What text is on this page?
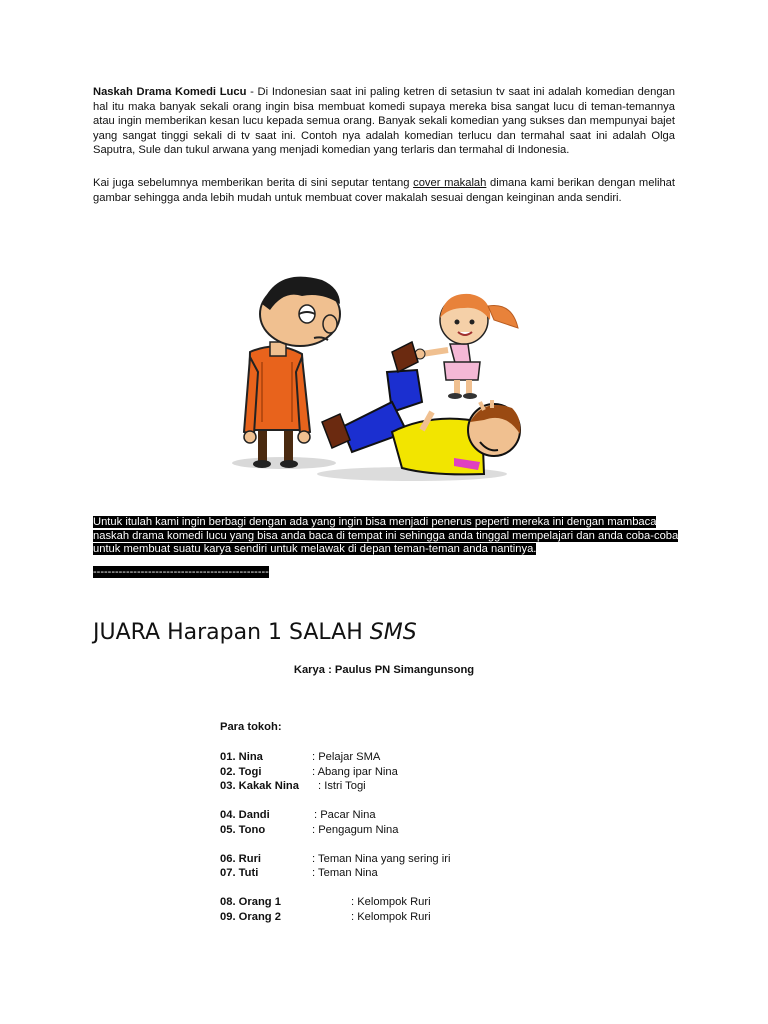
Naskah Drama Komedi Lucu - Di Indonesian saat ini paling ketren di setasiun tv saat ini adalah komedian dengan hal itu maka banyak sekali orang ingin bisa membuat komedi supaya mereka bisa sangat lucu di teman-temannya atau ingin memberikan kesan lucu kepada semua orang. Banyak sekali komedian yang sukses dan mempunyai bajet yang sangat tinggi sekali di tv saat ini. Contoh nya adalah komedian terlucu dan termahal saat ini adalah Olga Saputra, Sule dan tukul arwana yang menjadi komedian yang terlaris dan termahal di Indonesia.

Kai juga sebelumnya memberikan berita di sini seputar tentang cover makalah dimana kami berikan dengan melihat gambar sehingga anda lebih mudah untuk membuat cover makalah sesuai dengan keinginan anda sendiri.

Untuk itulah kami ingin berbagi dengan ada yang ingin bisa menjadi penerus peperti mereka ini dengan mambaca naskah drama komedi lucu yang bisa anda baca di tempat ini sehingga anda tinggal mempelajari dan anda coba-coba untuk membuat suatu karya sendiri untuk melawak di depan teman-teman anda nantinya.

------------------------------------------------
JUARA Harapan 1 SALAH SMS

Karya : Paulus PN Simangunsong

Para tokoh:

01. Nina	: Pelajar SMA
02. Togi	: Abang ipar Nina
03. Kakak Nina : Istri Togi
04. Dandi	: Pacar Nina
05. Tono	: Pengagum Nina
06. Ruri	: Teman Nina yang sering iri
07. Tuti	: Teman Nina
08. Orang 1	: Kelompok Ruri
09. Orang 2	: Kelompok Ruri
